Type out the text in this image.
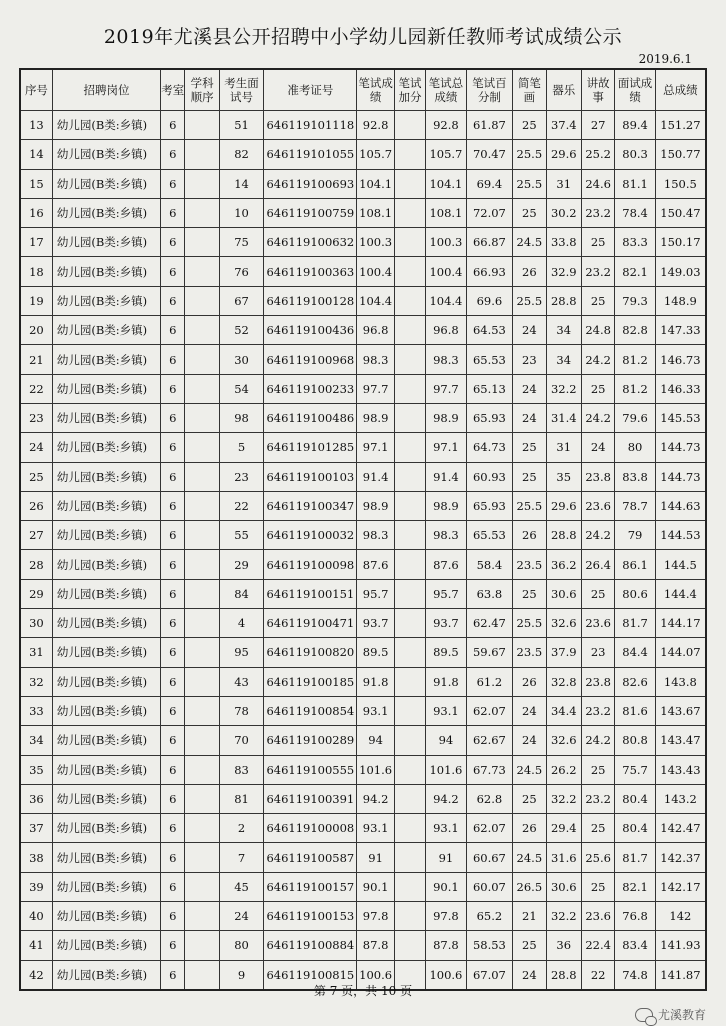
2019年尤溪县公开招聘中小学幼儿园新任教师考试成绩公示
2019.6.1
序号	招聘岗位	考室	学科顺序	考生面试号	准考证号	笔试成绩	笔试加分	笔试总成绩	笔试百分制	简笔画	器乐	讲故事	面试成绩	总成绩
13	幼儿园(B类:乡镇)	6		51	646119101118	92.8		92.8	61.87	25	37.4	27	89.4	151.27
14	幼儿园(B类:乡镇)	6		82	646119101055	105.7		105.7	70.47	25.5	29.6	25.2	80.3	150.77
15	幼儿园(B类:乡镇)	6		14	646119100693	104.1		104.1	69.4	25.5	31	24.6	81.1	150.5
16	幼儿园(B类:乡镇)	6		10	646119100759	108.1		108.1	72.07	25	30.2	23.2	78.4	150.47
17	幼儿园(B类:乡镇)	6		75	646119100632	100.3		100.3	66.87	24.5	33.8	25	83.3	150.17
18	幼儿园(B类:乡镇)	6		76	646119100363	100.4		100.4	66.93	26	32.9	23.2	82.1	149.03
19	幼儿园(B类:乡镇)	6		67	646119100128	104.4		104.4	69.6	25.5	28.8	25	79.3	148.9
20	幼儿园(B类:乡镇)	6		52	646119100436	96.8		96.8	64.53	24	34	24.8	82.8	147.33
21	幼儿园(B类:乡镇)	6		30	646119100968	98.3		98.3	65.53	23	34	24.2	81.2	146.73
22	幼儿园(B类:乡镇)	6		54	646119100233	97.7		97.7	65.13	24	32.2	25	81.2	146.33
23	幼儿园(B类:乡镇)	6		98	646119100486	98.9		98.9	65.93	24	31.4	24.2	79.6	145.53
24	幼儿园(B类:乡镇)	6		5	646119101285	97.1		97.1	64.73	25	31	24	80	144.73
25	幼儿园(B类:乡镇)	6		23	646119100103	91.4		91.4	60.93	25	35	23.8	83.8	144.73
26	幼儿园(B类:乡镇)	6		22	646119100347	98.9		98.9	65.93	25.5	29.6	23.6	78.7	144.63
27	幼儿园(B类:乡镇)	6		55	646119100032	98.3		98.3	65.53	26	28.8	24.2	79	144.53
28	幼儿园(B类:乡镇)	6		29	646119100098	87.6		87.6	58.4	23.5	36.2	26.4	86.1	144.5
29	幼儿园(B类:乡镇)	6		84	646119100151	95.7		95.7	63.8	25	30.6	25	80.6	144.4
30	幼儿园(B类:乡镇)	6		4	646119100471	93.7		93.7	62.47	25.5	32.6	23.6	81.7	144.17
31	幼儿园(B类:乡镇)	6		95	646119100820	89.5		89.5	59.67	23.5	37.9	23	84.4	144.07
32	幼儿园(B类:乡镇)	6		43	646119100185	91.8		91.8	61.2	26	32.8	23.8	82.6	143.8
33	幼儿园(B类:乡镇)	6		78	646119100854	93.1		93.1	62.07	24	34.4	23.2	81.6	143.67
34	幼儿园(B类:乡镇)	6		70	646119100289	94		94	62.67	24	32.6	24.2	80.8	143.47
35	幼儿园(B类:乡镇)	6		83	646119100555	101.6		101.6	67.73	24.5	26.2	25	75.7	143.43
36	幼儿园(B类:乡镇)	6		81	646119100391	94.2		94.2	62.8	25	32.2	23.2	80.4	143.2
37	幼儿园(B类:乡镇)	6		2	646119100008	93.1		93.1	62.07	26	29.4	25	80.4	142.47
38	幼儿园(B类:乡镇)	6		7	646119100587	91		91	60.67	24.5	31.6	25.6	81.7	142.37
39	幼儿园(B类:乡镇)	6		45	646119100157	90.1		90.1	60.07	26.5	30.6	25	82.1	142.17
40	幼儿园(B类:乡镇)	6		24	646119100153	97.8		97.8	65.2	21	32.2	23.6	76.8	142
41	幼儿园(B类:乡镇)	6		80	646119100884	87.8		87.8	58.53	25	36	22.4	83.4	141.93
42	幼儿园(B类:乡镇)	6		9	646119100815	100.6		100.6	67.07	24	28.8	22	74.8	141.87
第 7 页，共 10 页
尤溪教育
